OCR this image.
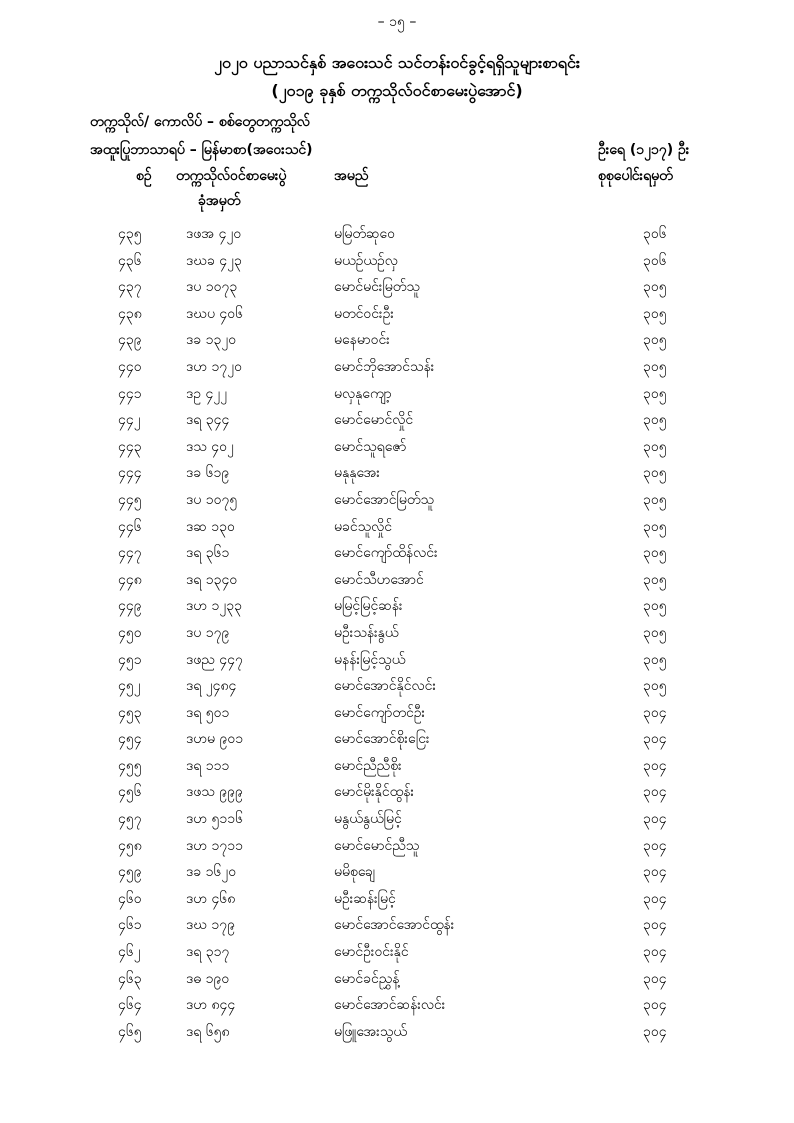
– ၁၅ –
၂၀၂၀ ပညာသင်နှစ် အဝေးသင် သင်တန်းဝင်ခွင့်ရရှိသူများစာရင်း
(၂၀၁၉ ခုနှစ် တက္ကသိုလ်ဝင်စာမေးပွဲအောင်)
တက္ကသိုလ်/ ကောလိပ် – စစ်တွေတက္ကသိုလ်
အထူးပြုဘာသာရပ် – မြန်မာစာ(အဝေးသင်)	ဦးရေ (၁၂၁၇) ဦး
စဉ် တက္ကသိုလ်ဝင်စာမေးပွဲ
ခုံအမှတ်
အမည်	စုစုပေါင်းရမှတ်
၄၃၅	ဒဖအ ၄၂၀	မမြတ်ဆုဝေ	၃၀၆
၄၃၆	ဒဃခ ၄၂၃	မယဉ်ယဉ်လှ	၃၀၆
၄၃၇	ဒပ ၁၀၇၃	မောင်မင်းမြတ်သူ	၃၀၅
၄၃၈	ဒဃပ ၄၀၆	မတင်ဝင်းဦး	၃၀၅
၄၃၉	ဒခ ၁၃၂၀	မနေမာဝင်း	၃၀၅
၄၄၀	ဒဟ ၁၇၂၀	မောင်ဘိုအောင်သန်း	၃၀၅
၄၄၁	ဒဥ ၄၂၂	မလှနုကျော့	၃၀၅
၄၄၂	ဒရ ၃၄၄	မောင်မောင်လှိုင်	၃၀၅
၄၄၃	ဒသ ၄၀၂	မောင်သူရဇော်	၃၀၅
၄၄၄	ဒခ ၆၁၉	မနုနုအေး	၃၀၅
၄၄၅	ဒပ ၁၀၇၅	မောင်အောင်မြတ်သူ	၃၀၅
၄၄၆	ဒဆ ၁၃၀	မခင်သူလှိုင်	၃၀၅
၄၄၇	ဒရ ၃၆၁	မောင်ကျော်ထိန်လင်း	၃၀၅
၄၄၈	ဒရ ၁၃၄၀	မောင်သီဟအောင်	၃၀၅
၄၄၉	ဒဟ ၁၂၃၃	မမြင့်မြင့်ဆန်း	၃၀၅
၄၅၀	ဒပ ၁၇၉	မဦးသန်းနွယ်	၃၀၅
၄၅၁	ဒဖည ၄၄၇	မနန်းမြင့်သွယ်	၃၀၅
၄၅၂	ဒရ ၂၄၈၄	မောင်အောင်နိုင်လင်း	၃၀၅
၄၅၃	ဒရ ၅၀၁	မောင်ကျော်တင်ဦး	၃၀၄
၄၅၄	ဒဟမ ၉၀၁	မောင်အောင်စိုးငြေး	၃၀၄
၄၅၅	ဒရ ၁၁၁	မောင်ညီညီစိုး	၃၀၄
၄၅၆	ဒဖသ ၉၉၉	မောင်မိုးနိုင်ထွန်း	၃၀၄
၄၅၇	ဒဟ ၅၁၁၆	မနွယ်နွယ်မြင့်	၃၀၄
၄၅၈	ဒဟ ၁၇၁၁	မောင်မောင်ညီသူ	၃၀၄
၄၅၉	ဒခ ၁၆၂၀	မမိစုချေ	၃၀၄
၄၆၀	ဒဟ ၄၆၈	မဦးဆန်းမြင့်	၃၀၄
၄၆၁	ဒဃ ၁၇၉	မောင်အောင်အောင်ထွန်း	၃၀၄
၄၆၂	ဒရ ၃၁၇	မောင်ဦးဝင်းနိုင်	၃၀၄
၄၆၃	ဒဓ ၁၉၀	မောင်ခင်ညွှန့်	၃၀၄
၄၆၄	ဒဟ ၈၄၄	မောင်အောင်ဆန်းလင်း	၃၀၄
၄၆၅	ဒရ ၆၅၈	မဖြူအေးသွယ်	၃၀၄
